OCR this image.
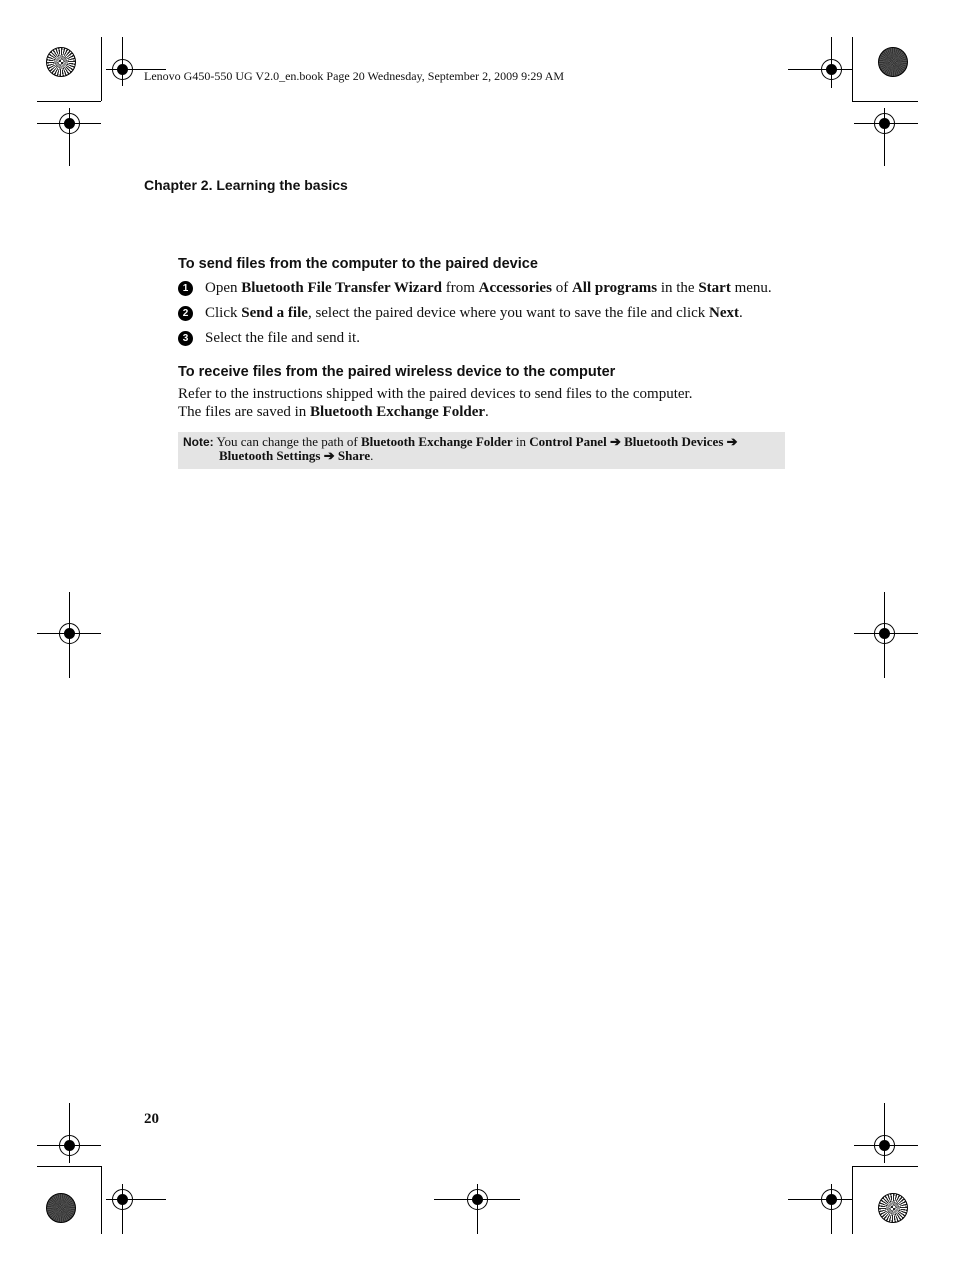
Lenovo G450-550 UG V2.0_en.book Page 20 Wednesday, September 2, 2009 9:29 AM
Chapter 2. Learning the basics
To send files from the computer to the paired device
1	Open Bluetooth File Transfer Wizard from Accessories of All programs in the Start menu.
2	Click Send a file, select the paired device where you want to save the file and click Next.
3	Select the file and send it.
To receive files from the paired wireless device to the computer
Refer to the instructions shipped with the paired devices to send files to the computer.
The files are saved in Bluetooth Exchange Folder.
Note: You can change the path of Bluetooth Exchange Folder in Control Panel ➔ Bluetooth Devices ➔
Bluetooth Settings ➔ Share.
20
